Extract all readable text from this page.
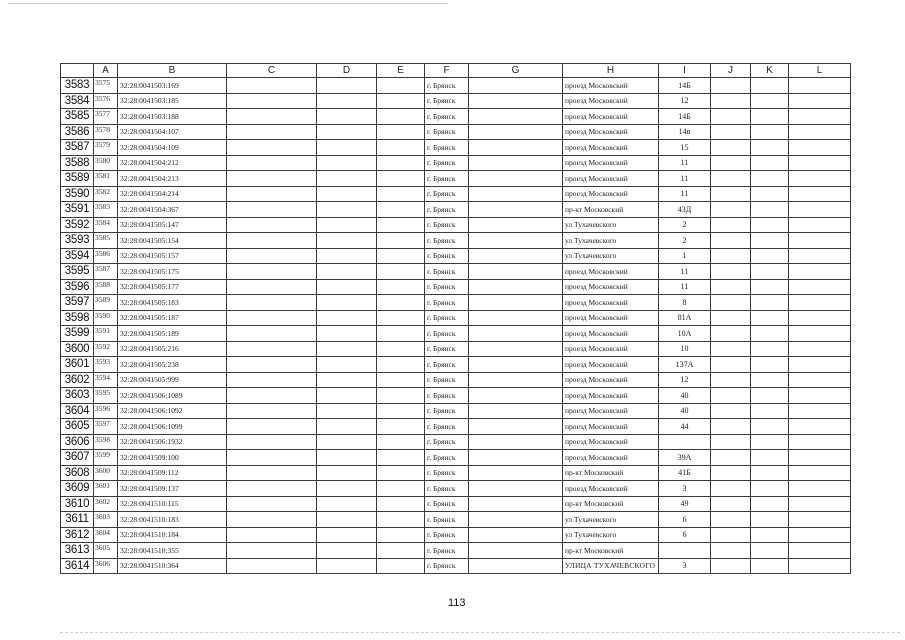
	A	B	C	D	E	F	G	H	I	J	K	L
3583	3575	32:28:0041503:169				г. Брянск		проезд Московский	14Б			
3584	3576	32:28:0041503:185				г. Брянск		проезд Московский	12			
3585	3577	32:28:0041503:188				г. Брянск		проезд Московский	14Б			
3586	3578	32:28:0041504:107				г. Брянск		проезд Московский	14в			
3587	3579	32:28:0041504:109				г. Брянск		проезд Московский	15			
3588	3580	32:28:0041504:212				г. Брянск		проезд Московский	11			
3589	3581	32:28:0041504:213				г. Брянск		проезд Московский	11			
3590	3582	32:28:0041504:214				г. Брянск		проезд Московский	11			
3591	3583	32:28:0041504:367				г. Брянск		пр-кт Московский	43Д			
3592	3584	32:28:0041505:147				г. Брянск		ул Тухачевского	2			
3593	3585	32:28:0041505:154				г. Брянск		ул Тухачевского	2			
3594	3586	32:28:0041505:157				г. Брянск		ул Тухачевского	1			
3595	3587	32:28:0041505:175				г. Брянск		проезд Московский	11			
3596	3588	32:28:0041505:177				г. Брянск		проезд Московский	11			
3597	3589	32:28:0041505:183				г. Брянск		проезд Московский	8			
3598	3590	32:28:0041505:187				г. Брянск		проезд Московский	81А			
3599	3591	32:28:0041505:189				г. Брянск		проезд Московский	10А			
3600	3592	32:28:0041505:216				г. Брянск		проезд Московский	10			
3601	3593	32:28:0041505:238				г. Брянск		проезд Московский	137А			
3602	3594	32:28:0041505:999				г. Брянск		проезд Московский	12			
3603	3595	32:28:0041506:1089				г. Брянск		проезд Московский	40			
3604	3596	32:28:0041506:1092				г. Брянск		проезд Московский	40			
3605	3597	32:28:0041506:1099				г. Брянск		проезд Московский	44			
3606	3598	32:28:0041506:1932				г. Брянск		проезд Московский				
3607	3599	32:28:0041509:100				г. Брянск		проезд Московский	39А			
3608	3600	32:28:0041509:112				г. Брянск		пр-кт Московский	41Б			
3609	3601	32:28:0041509:137				г. Брянск		проезд Московский	3			
3610	3602	32:28:0041510:115				г. Брянск		пр-кт Московский	49			
3611	3603	32:28:0041510:183				г. Брянск		ул Тухачевского	6			
3612	3604	32:28:0041510:184				г. Брянск		ул Тухачевского	6			
3613	3605	32:28:0041510:355				г. Брянск		пр-кт Московский				
3614	3606	32:28:0041510:364				г. Брянск		УЛИЦА ТУХАЧЕВСКОГО	3			
113
